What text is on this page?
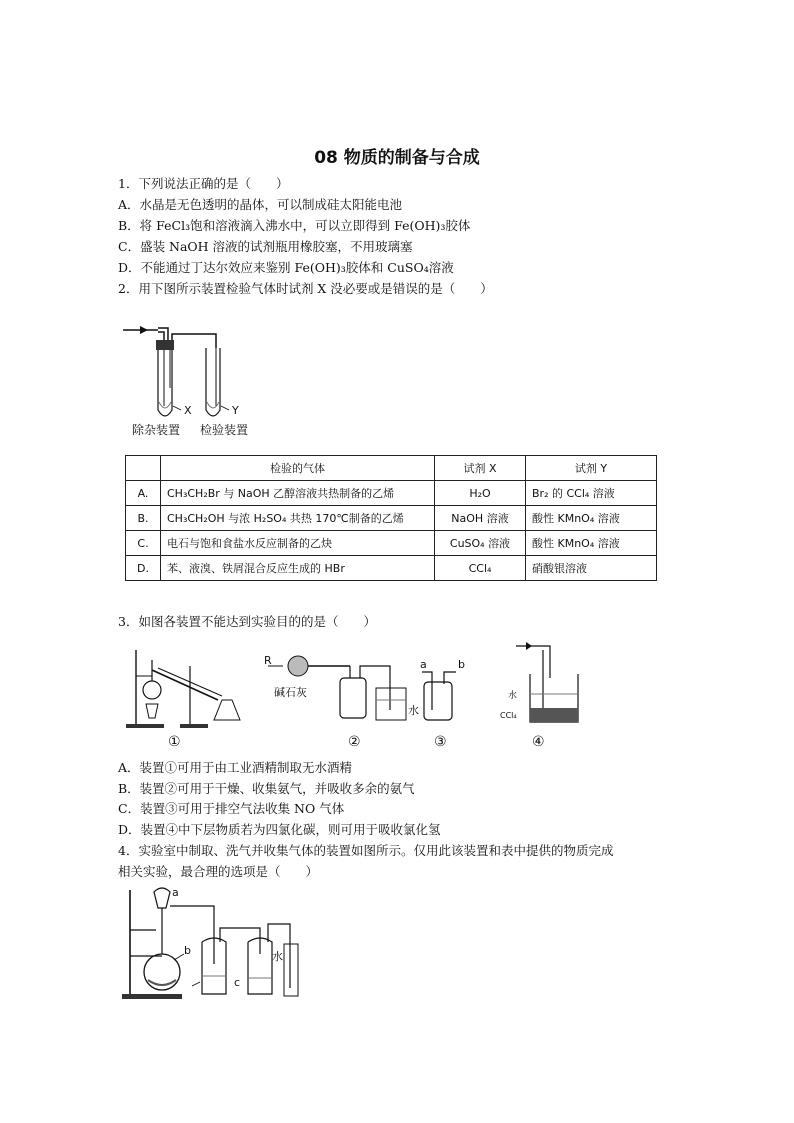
08 物质的制备与合成
1．下列说法正确的是（　　）
A．水晶是无色透明的晶体，可以制成硅太阳能电池
B．将 FeCl₃饱和溶液滴入沸水中，可以立即得到 Fe(OH)₃胶体
C．盛装 NaOH 溶液的试剂瓶用橡胶塞，不用玻璃塞
D．不能通过丁达尔效应来鉴别 Fe(OH)₃胶体和 CuSO₄溶液
2．用下图所示装置检验气体时试剂 X 没必要或是错误的是（　　）
X	Y
除杂装置 检验装置
	检验的气体	试剂 X	试剂 Y
A.	CH₃CH₂Br 与 NaOH 乙醇溶液共热制备的乙烯	H₂O	Br₂ 的 CCl₄ 溶液
B.	CH₃CH₂OH 与浓 H₂SO₄ 共热 170℃制备的乙烯	NaOH 溶液	酸性 KMnO₄ 溶液
C.	电石与饱和食盐水反应制备的乙炔	CuSO₄ 溶液	酸性 KMnO₄ 溶液
D.	苯、液溴、铁屑混合反应生成的 HBr	CCl₄	硝酸银溶液
3．如图各装置不能达到实验目的的是（　　）
①
R
碱石灰
水
②
a	b
③
水
CCl₄
④
A．装置①可用于由工业酒精制取无水酒精
B．装置②可用于干燥、收集氨气，并吸收多余的氨气
C．装置③可用于排空气法收集 NO 气体
D．装置④中下层物质若为四氯化碳，则可用于吸收氯化氢
4．实验室中制取、洗气并收集气体的装置如图所示。仅用此该装置和表中提供的物质完成
相关实验，最合理的选项是（　　）
a
b
c
水
